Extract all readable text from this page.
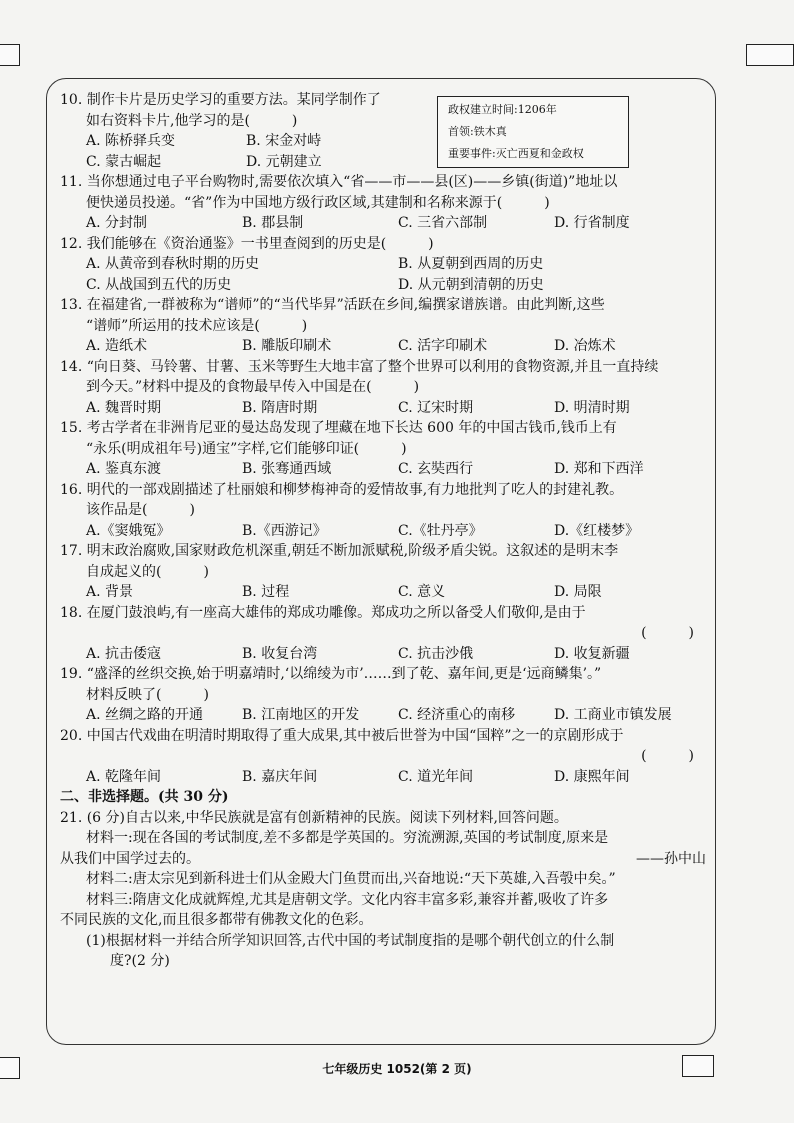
政权建立时间:1206年
首领:铁木真
重要事件:灭亡西夏和金政权

10. 制作卡片是历史学习的重要方法。某同学制作了

如右资料卡片,他学习的是(　　　)

A. 陈桥驿兵变	B. 宋金对峙
C. 蒙古崛起	D. 元朝建立

11. 当你想通过电子平台购物时,需要依次填入“省——市——县(区)——乡镇(街道)”地址以

便快递员投递。“省”作为中国地方级行政区域,其建制和名称来源于(　　　)

A. 分封制	B. 郡县制	C. 三省六部制	D. 行省制度

12. 我们能够在《资治通鉴》一书里查阅到的历史是(　　　)

A. 从黄帝到春秋时期的历史	B. 从夏朝到西周的历史
C. 从战国到五代的历史	D. 从元朝到清朝的历史

13. 在福建省,一群被称为“谱师”的“当代毕昇”活跃在乡间,编撰家谱族谱。由此判断,这些

“谱师”所运用的技术应该是(　　　)

A. 造纸术	B. 雕版印刷术	C. 活字印刷术	D. 冶炼术

14. “向日葵、马铃薯、甘薯、玉米等野生大地丰富了整个世界可以利用的食物资源,并且一直持续

到今天。”材料中提及的食物最早传入中国是在(　　　)

A. 魏晋时期	B. 隋唐时期	C. 辽宋时期	D. 明清时期

15. 考古学者在非洲肯尼亚的曼达岛发现了埋藏在地下长达 600 年的中国古钱币,钱币上有

“永乐(明成祖年号)通宝”字样,它们能够印证(　　　)

A. 鉴真东渡	B. 张骞通西域	C. 玄奘西行	D. 郑和下西洋

16. 明代的一部戏剧描述了杜丽娘和柳梦梅神奇的爱情故事,有力地批判了吃人的封建礼教。

该作品是(　　　)

A.《窦娥冤》	B.《西游记》	C.《牡丹亭》	D.《红楼梦》

17. 明末政治腐败,国家财政危机深重,朝廷不断加派赋税,阶级矛盾尖锐。这叙述的是明末李

自成起义的(　　　)

A. 背景	B. 过程	C. 意义	D. 局限

18. 在厦门鼓浪屿,有一座高大雄伟的郑成功雕像。郑成功之所以备受人们敬仰,是由于

(　　　)

A. 抗击倭寇	B. 收复台湾	C. 抗击沙俄	D. 收复新疆

19. “盛泽的丝织交换,始于明嘉靖时,‘以绵绫为市’……到了乾、嘉年间,更是‘远商鳞集’。”

材料反映了(　　　)

A. 丝绸之路的开通	B. 江南地区的开发	C. 经济重心的南移	D. 工商业市镇发展

20. 中国古代戏曲在明清时期取得了重大成果,其中被后世誉为中国“国粹”之一的京剧形成于

(　　　)

A. 乾隆年间	B. 嘉庆年间	C. 道光年间	D. 康熙年间

二、非选择题。(共 30 分)

21. (6 分)自古以来,中华民族就是富有创新精神的民族。阅读下列材料,回答问题。

材料一:现在各国的考试制度,差不多都是学英国的。穷流溯源,英国的考试制度,原来是

从我们中国学过去的。	——孙中山

材料二:唐太宗见到新科进士们从金殿大门鱼贯而出,兴奋地说:“天下英雄,入吾彀中矣。”

材料三:隋唐文化成就辉煌,尤其是唐朝文学。文化内容丰富多彩,兼容并蓄,吸收了许多

不同民族的文化,而且很多都带有佛教文化的色彩。

(1)根据材料一并结合所学知识回答,古代中国的考试制度指的是哪个朝代创立的什么制

度?(2 分)

七年级历史 1052(第 2 页)
